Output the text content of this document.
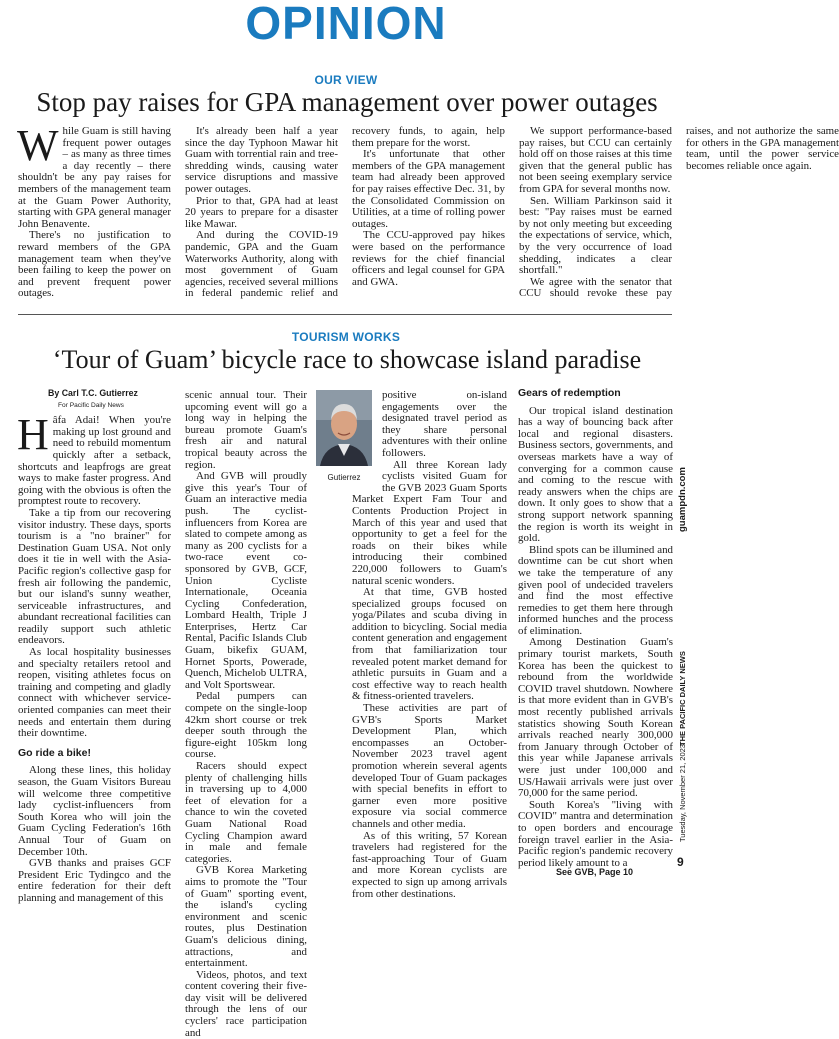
OPINION
OUR VIEW
Stop pay raises for GPA management over power outages

While Guam is still having frequent power outages – as many as three times a day recently – there shouldn't be any pay raises for members of the management team at the Guam Power Authority, starting with GPA general manager John Benavente.

There's no justification to reward members of the GPA management team when they've been failing to keep the power on and prevent frequent power outages.

It's already been half a year since the day Typhoon Mawar hit Guam with torrential rain and tree-shredding winds, causing water service disruptions and massive power outages.

Prior to that, GPA had at least 20 years to prepare for a disaster like Mawar.

And during the COVID-19 pandemic, GPA and the Guam Waterworks Authority, along with most government of Guam agencies, received several millions in federal pandemic relief and recovery funds, to again, help them prepare for the worst.

It's unfortunate that other members of the GPA management team had already been approved for pay raises effective Dec. 31, by the Consolidated Commission on Utilities, at a time of rolling power outages.

The CCU-approved pay hikes were based on the performance reviews for the chief financial officers and legal counsel for GPA and GWA.

We support performance-based pay raises, but CCU can certainly hold off on those raises at this time given that the general public has not been seeing exemplary service from GPA for several months now.

Sen. William Parkinson said it best: "Pay raises must be earned by not only meeting but exceeding the expectations of service, which, by the very occurrence of load shedding, indicates a clear shortfall."

We agree with the senator that CCU should revoke these pay raises, and not authorize the same for others in the GPA management team, until the power service becomes reliable once again.

TOURISM WORKS
‘Tour of Guam’ bicycle race to showcase island paradise
By Carl T.C. Gutierrez
For Pacific Daily News

Hâfa Adai! When you're making up lost ground and need to rebuild momentum quickly after a setback, shortcuts and leapfrogs are great ways to make faster progress. And going with the obvious is often the promptest route to recovery.

Take a tip from our recovering visitor industry. These days, sports tourism is a "no brainer" for Destination Guam USA. Not only does it tie in well with the Asia-Pacific region's collective gasp for fresh air following the pandemic, but our island's sunny weather, serviceable infrastructures, and abundant recreational facilities can readily support such athletic endeavors.

As local hospitality businesses and specialty retailers retool and reopen, visiting athletes focus on training and competing and gladly connect with whichever service-oriented companies can meet their needs and entertain them during their downtime.

Go ride a bike!

Along these lines, this holiday season, the Guam Visitors Bureau will welcome three competitive lady cyclist-influencers from South Korea who will join the Guam Cycling Federation's 16th Annual Tour of Guam on December 10th.

GVB thanks and praises GCF President Eric Tydingco and the entire federation for their deft planning and management of this

scenic annual tour. Their upcoming event will go a long way in helping the bureau promote Guam's fresh air and natural tropical beauty across the region.

And GVB will proudly give this year's Tour of Guam an interactive media push. The cyclist-influencers from Korea are slated to compete among as many as 200 cyclists for a two-race event co-sponsored by GVB, GCF, Union Cycliste Internationale, Oceania Cycling Confederation, Lombard Health, Triple J Enterprises, Hertz Car Rental, Pacific Islands Club Guam, bikefix GUAM, Hornet Sports, Powerade, Quench, Michelob ULTRA, and Volt Sportswear.

Pedal pumpers can compete on the single-loop 42km short course or trek deeper south through the figure-eight 105km long course.

Racers should expect plenty of challenging hills in traversing up to 4,000 feet of elevation for a chance to win the coveted Guam National Road Cycling Champion award in male and female categories.

GVB Korea Marketing aims to promote the "Tour of Guam" sporting event, the island's cycling environment and scenic routes, plus Destination Guam's delicious dining, attractions, and entertainment.

Videos, photos, and text content covering their five-day visit will be delivered through the lens of our cyclers' race participation and

Gutierrez

positive on-island engagements over the designated travel period as they share personal adventures with their online followers.

All three Korean lady cyclists visited Guam for the GVB 2023 Guam Sports Market Expert Fam Tour and Contents Production Project in March of this year and used that opportunity to get a feel for the roads on their bikes while introducing their combined 220,000 followers to Guam's natural scenic wonders.

At that time, GVB hosted specialized groups focused on yoga/Pilates and scuba diving in addition to bicycling. Social media content generation and engagement from that familiarization tour revealed potent market demand for athletic pursuits in Guam and a cost effective way to reach health & fitness-oriented travelers.

These activities are part of GVB's Sports Market Development Plan, which encompasses an October-November 2023 travel agent promotion wherein several agents developed Tour of Guam packages with special benefits in effort to garner even more positive exposure via social commerce channels and other media.

As of this writing, 57 Korean travelers had registered for the fast-approaching Tour of Guam and more Korean cyclists are expected to sign up among arrivals from other destinations.

Gears of redemption

Our tropical island destination has a way of bouncing back after local and regional disasters. Business sectors, governments, and overseas markets have a way of converging for a common cause and coming to the rescue with ready answers when the chips are down. It only goes to show that a strong support network spanning the region is worth its weight in gold.

Blind spots can be illumined and downtime can be cut short when we take the temperature of any given pool of undecided travelers and find the most effective remedies to get them here through informed hunches and the process of elimination.

Among Destination Guam's primary tourist markets, South Korea has been the quickest to rebound from the worldwide COVID travel shutdown. Nowhere is that more evident than in GVB's most recently published arrivals statistics showing South Korean arrivals reached nearly 300,000 from January through October of this year while Japanese arrivals were just under 100,000 and US/Hawaii arrivals were just over 70,000 for the same period.

South Korea's "living with COVID" mantra and determination to open borders and encourage foreign travel earlier in the Asia-Pacific region's pandemic recovery period likely amount to a

See GVB, Page 10
guampdn.com
THE PACIFIC DAILY NEWS
Tuesday, November 21, 2023
9
